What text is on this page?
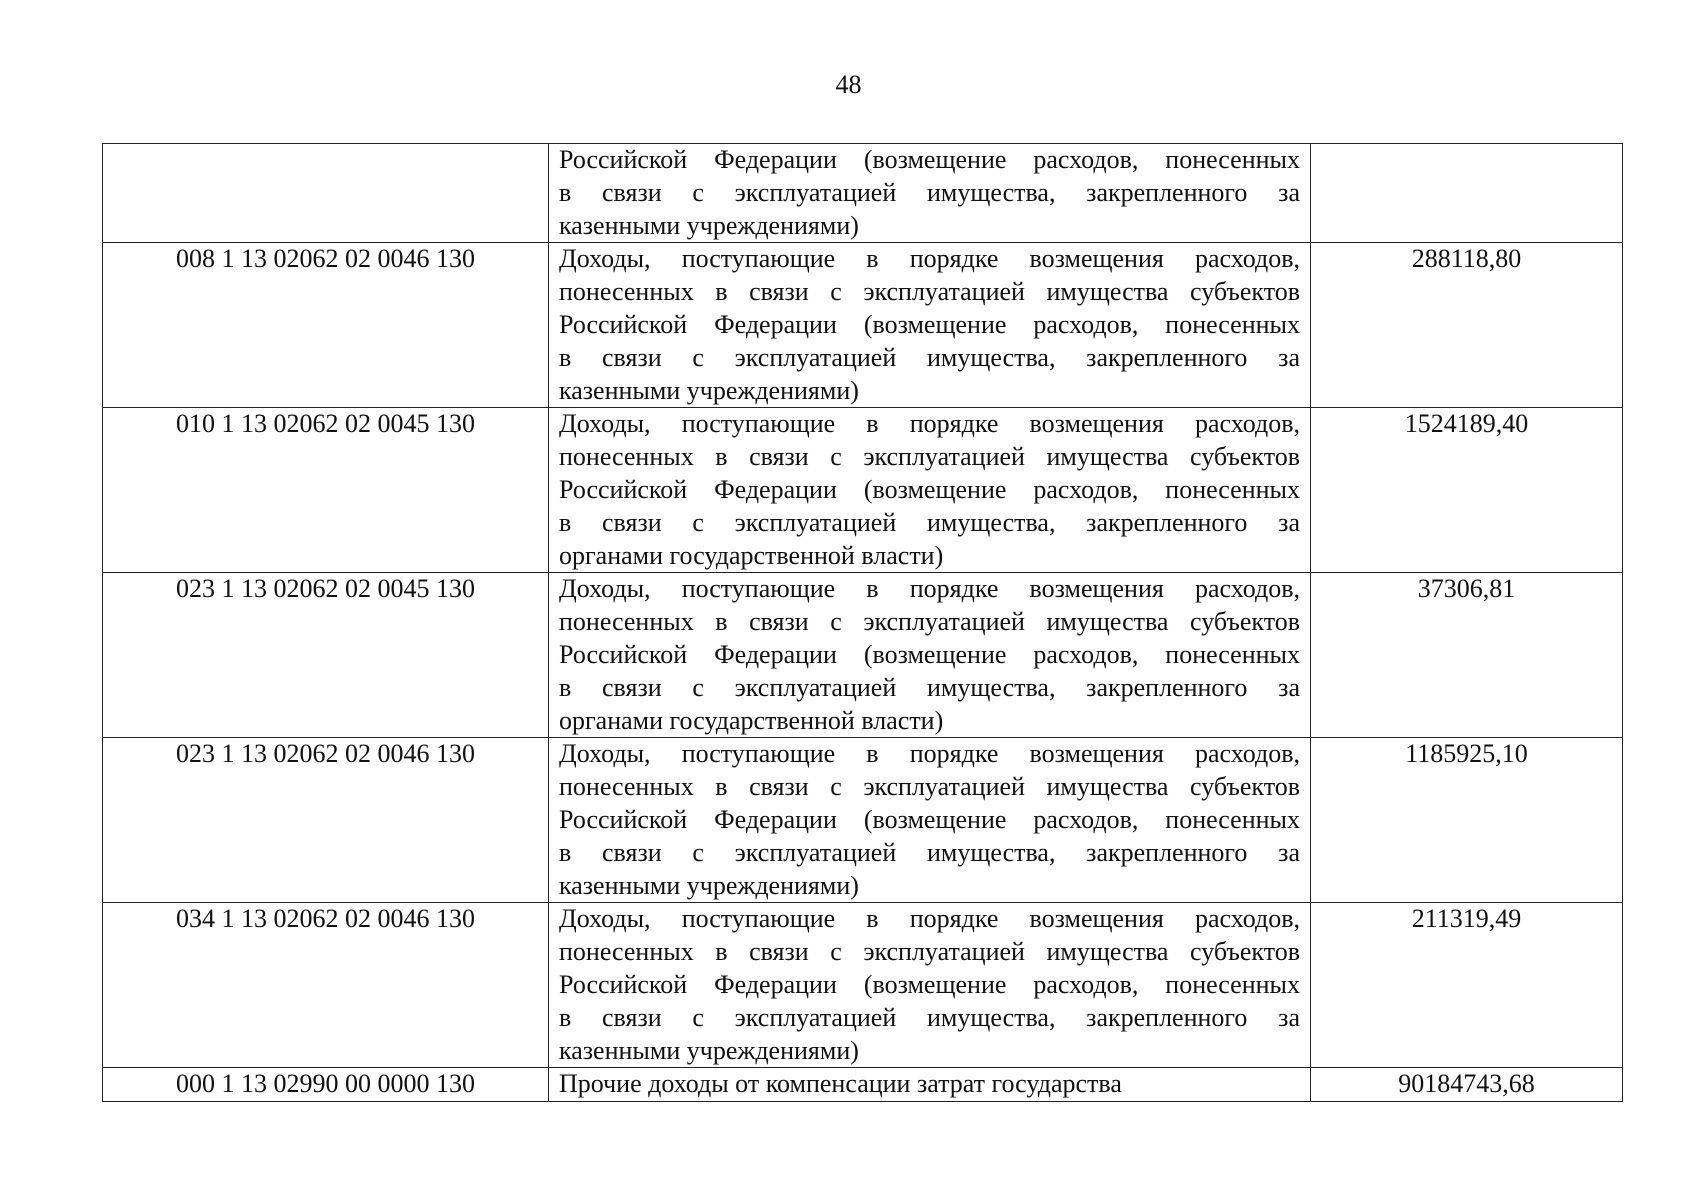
48

	Российской Федерации (возмещение расходов, понесенных
в связи с эксплуатацией имущества, закрепленного за
казенными учреждениями)	

008 1 13 02062 02 0046 130	Доходы, поступающие в порядке возмещения расходов,
понесенных в связи с эксплуатацией имущества субъектов
Российской Федерации (возмещение расходов, понесенных
в связи с эксплуатацией имущества, закрепленного за
казенными учреждениями)	288118,80
010 1 13 02062 02 0045 130	Доходы, поступающие в порядке возмещения расходов,
понесенных в связи с эксплуатацией имущества субъектов
Российской Федерации (возмещение расходов, понесенных
в связи с эксплуатацией имущества, закрепленного за
органами государственной власти)	1524189,40
023 1 13 02062 02 0045 130	Доходы, поступающие в порядке возмещения расходов,
понесенных в связи с эксплуатацией имущества субъектов
Российской Федерации (возмещение расходов, понесенных
в связи с эксплуатацией имущества, закрепленного за
органами государственной власти)	37306,81
023 1 13 02062 02 0046 130	Доходы, поступающие в порядке возмещения расходов,
понесенных в связи с эксплуатацией имущества субъектов
Российской Федерации (возмещение расходов, понесенных
в связи с эксплуатацией имущества, закрепленного за
казенными учреждениями)	1185925,10
034 1 13 02062 02 0046 130	Доходы, поступающие в порядке возмещения расходов,
понесенных в связи с эксплуатацией имущества субъектов
Российской Федерации (возмещение расходов, понесенных
в связи с эксплуатацией имущества, закрепленного за
казенными учреждениями)	211319,49
000 1 13 02990 00 0000 130	Прочие доходы от компенсации затрат государства	90184743,68
